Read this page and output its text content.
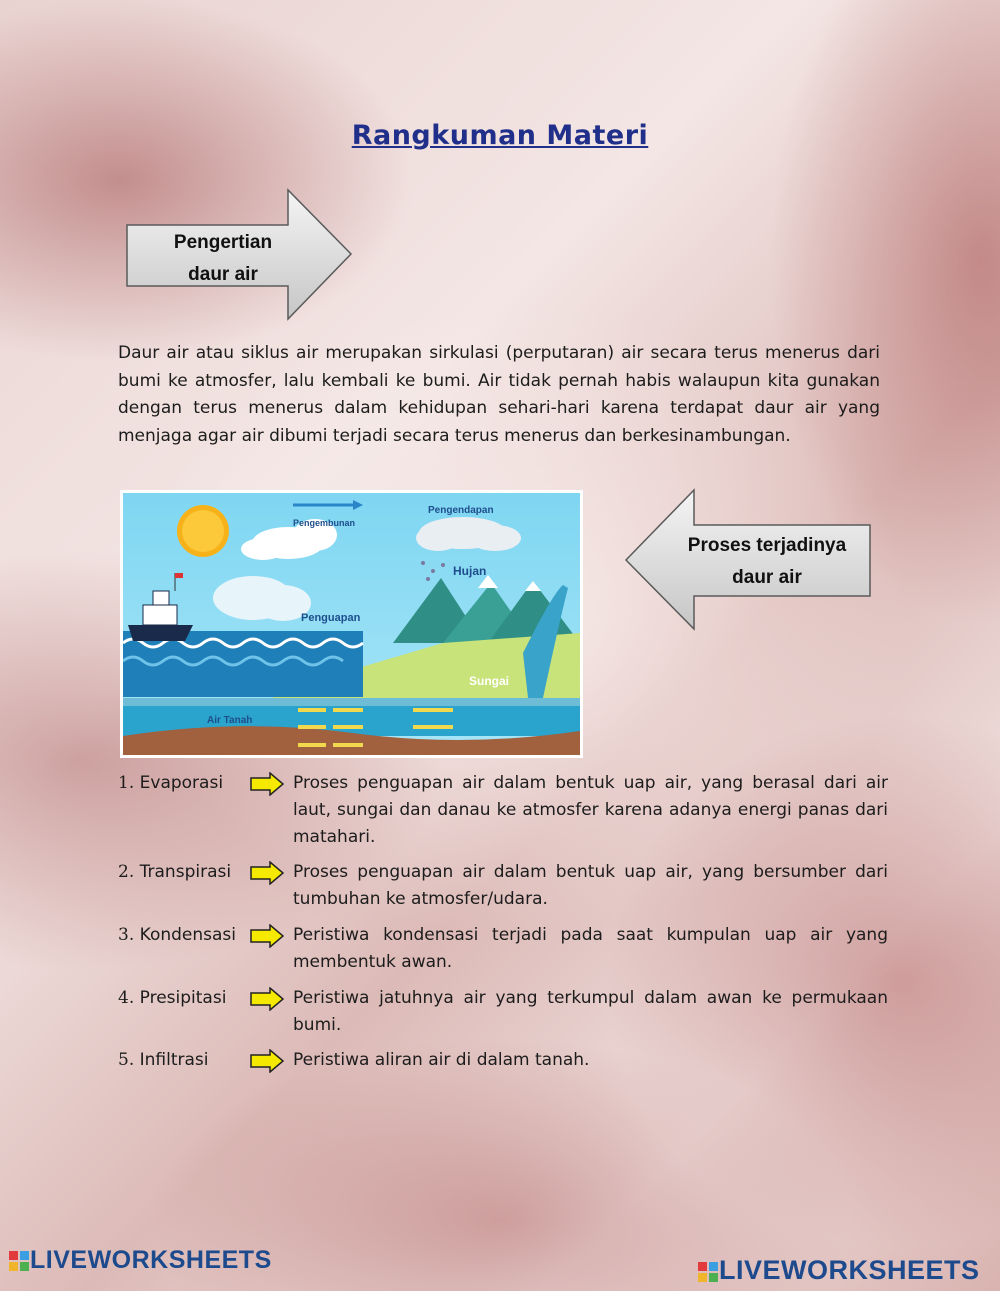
Rangkuman Materi
Pengertian
daur air
Daur air atau siklus air merupakan sirkulasi (perputaran) air secara terus menerus dari bumi ke atmosfer, lalu kembali ke bumi. Air tidak pernah habis walaupun kita gunakan dengan terus menerus dalam kehidupan sehari-hari karena terdapat daur air yang menjaga agar air dibumi terjadi secara terus menerus dan berkesinambungan.
Pengembunan
Pengendapan
Hujan
Penguapan
Sungai
Air Tanah
Proses terjadinya
daur air
1. Evaporasi	Proses penguapan air dalam bentuk uap air, yang berasal dari air laut, sungai dan danau ke atmosfer karena adanya energi panas dari matahari.
2. Transpirasi	Proses penguapan air dalam bentuk uap air, yang bersumber dari tumbuhan ke atmosfer/udara.
3. Kondensasi	Peristiwa kondensasi terjadi pada saat kumpulan uap air yang membentuk awan.
4. Presipitasi	Peristiwa jatuhnya air yang terkumpul dalam awan ke permukaan bumi.
5. Infiltrasi	Peristiwa aliran air di dalam tanah.
LIVEWORKSHEETS	LIVEWORKSHEETS
